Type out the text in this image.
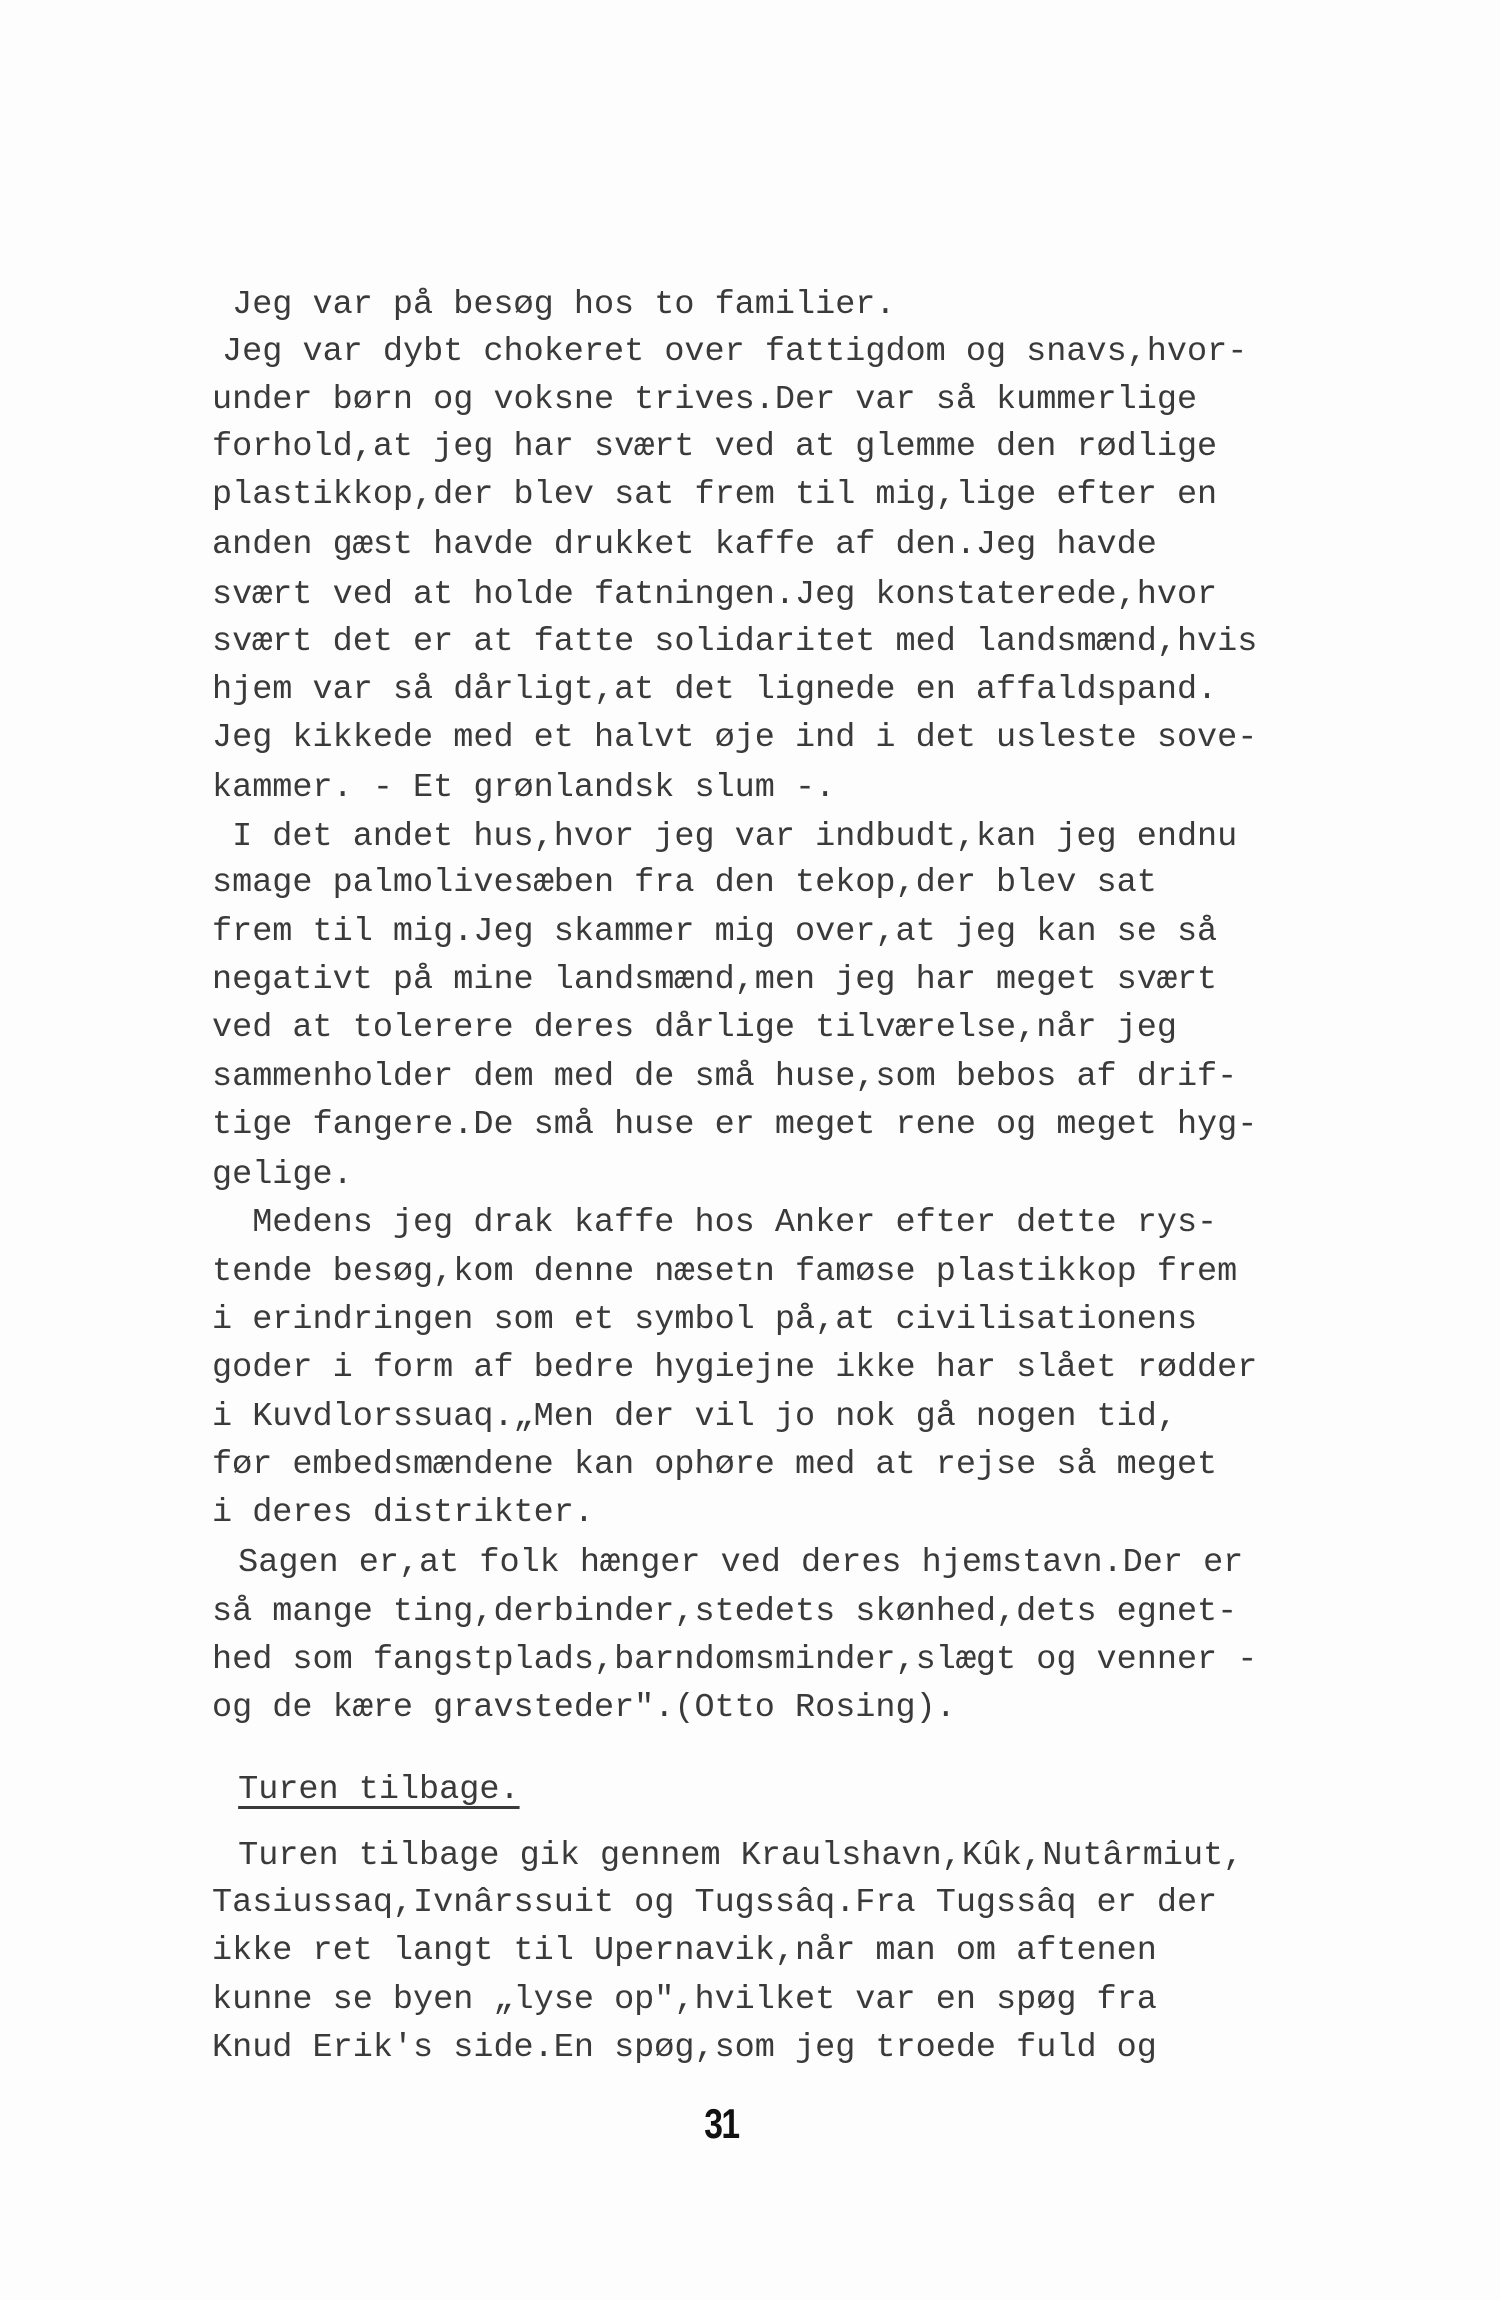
Jeg var på besøg hos to familier.
Jeg var dybt chokeret over fattigdom og snavs,hvor-
under børn og voksne trives.Der var så kummerlige
forhold,at jeg har svært ved at glemme den rødlige
plastikkop,der blev sat frem til mig,lige efter en
anden gæst havde drukket kaffe af den.Jeg havde
svært ved at holde fatningen.Jeg konstaterede,hvor
svært det er at fatte solidaritet med landsmænd,hvis
hjem var så dårligt,at det lignede en affaldspand.
Jeg kikkede med et halvt øje ind i det usleste sove-
kammer. - Et grønlandsk slum -.
I det andet hus,hvor jeg var indbudt,kan jeg endnu
smage palmolivesæben fra den tekop,der blev sat
frem til mig.Jeg skammer mig over,at jeg kan se så
negativt på mine landsmænd,men jeg har meget svært
ved at tolerere deres dårlige tilværelse,når jeg
sammenholder dem med de små huse,som bebos af drif-
tige fangere.De små huse er meget rene og meget hyg-
gelige.
Medens jeg drak kaffe hos Anker efter dette rys-
tende besøg,kom denne næsetn famøse plastikkop frem
i erindringen som et symbol på,at civilisationens
goder i form af bedre hygiejne ikke har slået rødder
i Kuvdlorssuaq.„Men der vil jo nok gå nogen tid,
før embedsmændene kan ophøre med at rejse så meget
i deres distrikter.
Sagen er,at folk hænger ved deres hjemstavn.Der er
så mange ting,derbinder,stedets skønhed,dets egnet-
hed som fangstplads,barndomsminder,slægt og venner -
og de kære gravsteder".(Otto Rosing).
Turen tilbage.
Turen tilbage gik gennem Kraulshavn,Kûk,Nutârmiut,
Tasiussaq,Ivnârssuit og Tugssâq.Fra Tugssâq er der
ikke ret langt til Upernavik,når man om aftenen
kunne se byen „lyse op",hvilket var en spøg fra
Knud Erik's side.En spøg,som jeg troede fuld og
31
